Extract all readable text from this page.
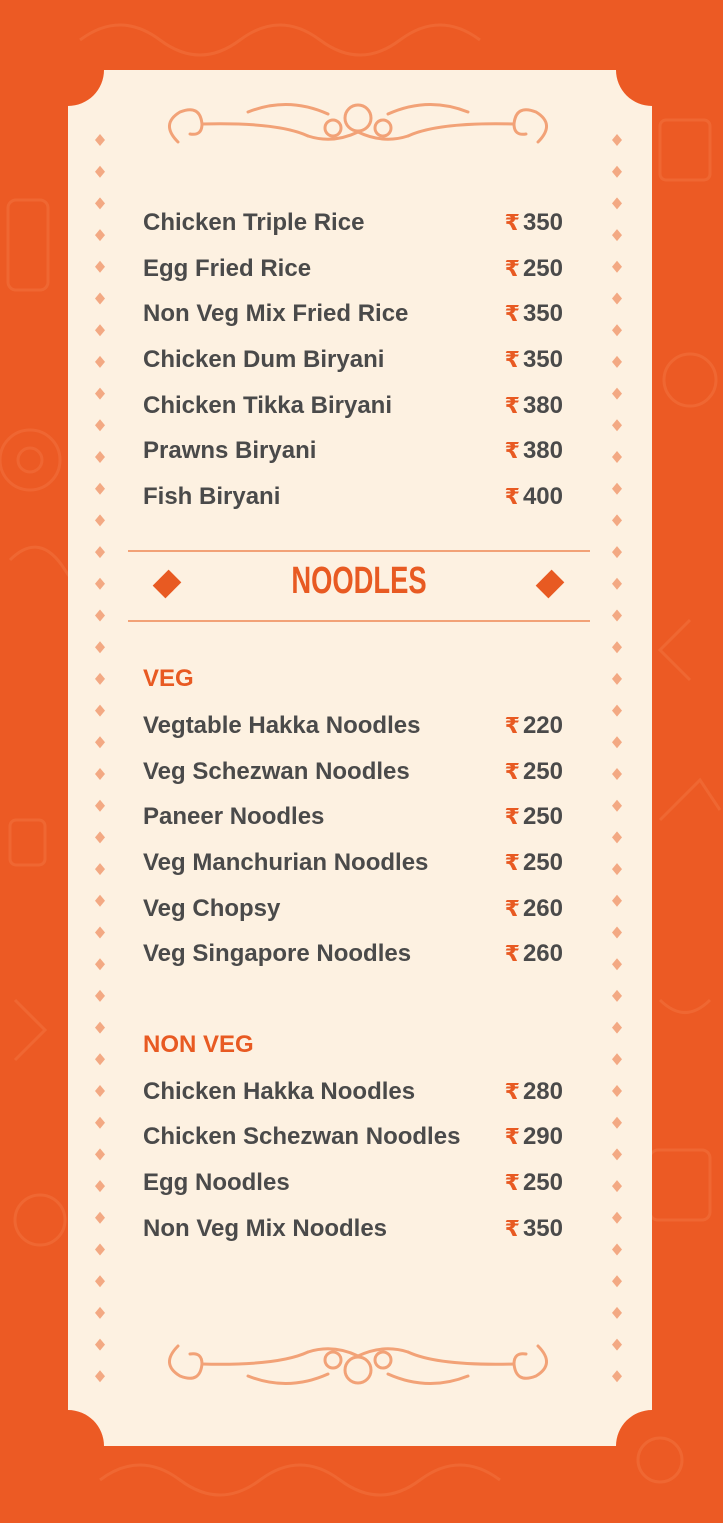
Chicken Triple Rice	₹ 350
Egg Fried Rice	₹ 250
Non Veg Mix Fried Rice	₹ 350
Chicken Dum Biryani	₹ 350
Chicken Tikka Biryani	₹ 380
Prawns Biryani	₹ 380
Fish Biryani	₹ 400
NOODLES
VEG
Vegtable Hakka Noodles	₹ 220
Veg Schezwan Noodles	₹ 250
Paneer Noodles	₹ 250
Veg Manchurian Noodles	₹ 250
Veg Chopsy	₹ 260
Veg Singapore Noodles	₹ 260
NON VEG
Chicken Hakka Noodles	₹ 280
Chicken Schezwan Noodles ₹ 290
Egg Noodles	₹ 250
Non Veg Mix Noodles	₹ 350
